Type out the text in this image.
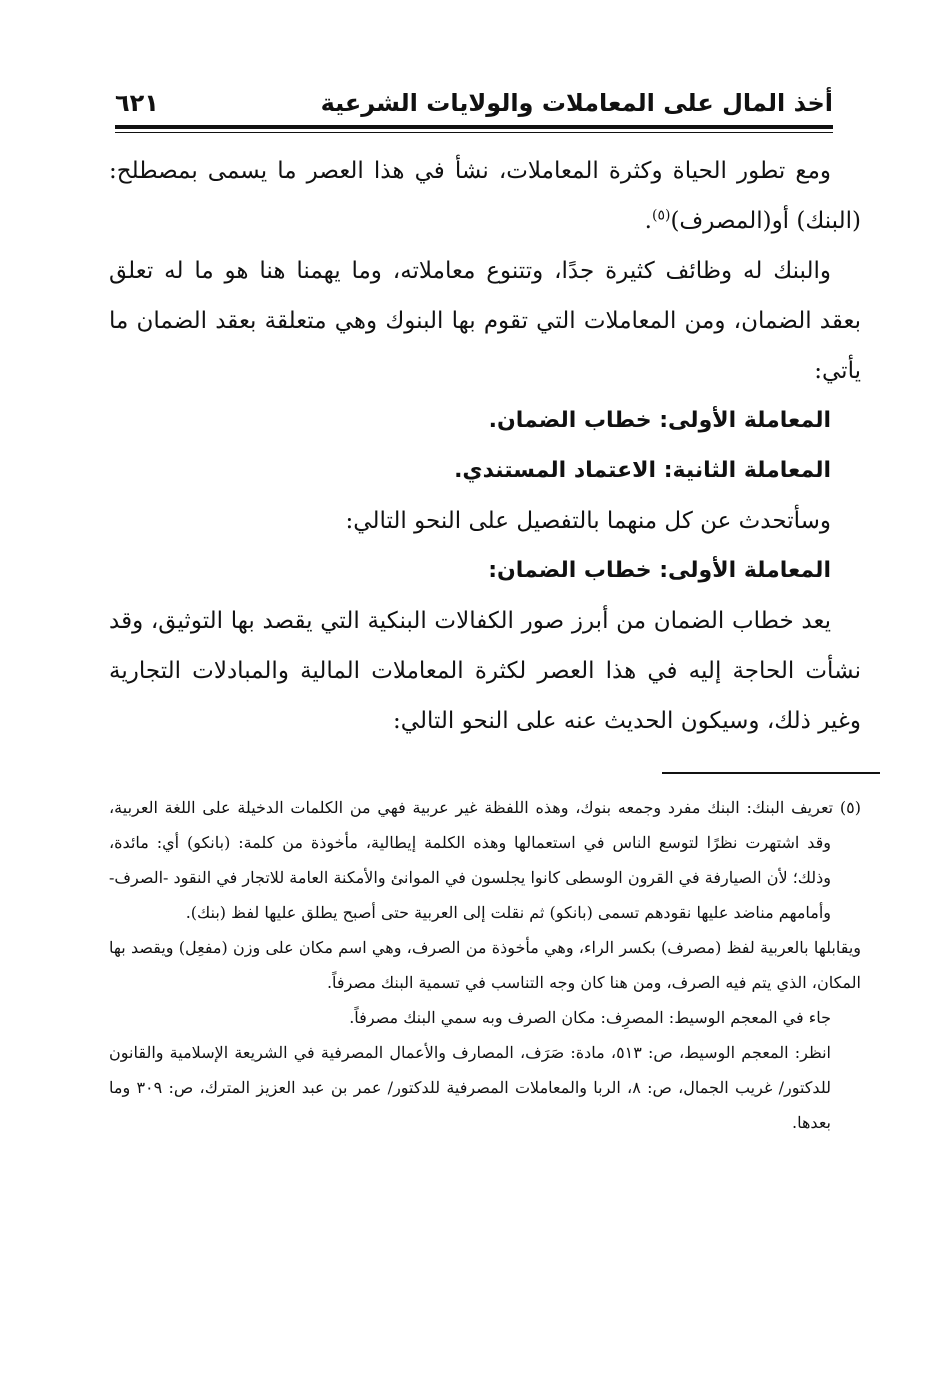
أخذ المال على المعاملات والولايات الشرعية
٦٢١

ومع تطور الحياة وكثرة المعاملات، نشأ في هذا العصر ما يسمى بمصطلح: (البنك) أو(المصرف)$^{(٥)}$.

والبنك له وظائف كثيرة جدًا، وتتنوع معاملاته، وما يهمنا هنا هو ما له تعلق بعقد الضمان، ومن المعاملات التي تقوم بها البنوك وهي متعلقة بعقد الضمان ما يأتي:

المعاملة الأولى: خطاب الضمان.

المعاملة الثانية: الاعتماد المستندي.

وسأتحدث عن كل منهما بالتفصيل على النحو التالي:

المعاملة الأولى: خطاب الضمان:

يعد خطاب الضمان من أبرز صور الكفالات البنكية التي يقصد بها التوثيق، وقد نشأت الحاجة إليه في هذا العصر لكثرة المعاملات المالية والمبادلات التجارية وغير ذلك، وسيكون الحديث عنه على النحو التالي:

(٥) تعريف البنك: البنك مفرد وجمعه بنوك، وهذه اللفظة غير عربية فهي من الكلمات الدخيلة على اللغة العربية، وقد اشتهرت نظرًا لتوسع الناس في استعمالها وهذه الكلمة إيطالية، مأخوذة من كلمة: (بانكو) أي: مائدة، وذلك؛ لأن الصيارفة في القرون الوسطى كانوا يجلسون في الموانئ والأمكنة العامة للاتجار في النقود -الصرف- وأمامهم مناضد عليها نقودهم تسمى (بانكو) ثم نقلت إلى العربية حتى أصبح يطلق عليها لفظ (بنك).

ويقابلها بالعربية لفظ (مصرف) بكسر الراء، وهي مأخوذة من الصرف، وهي اسم مكان على وزن (مفعِل) ويقصد بها المكان، الذي يتم فيه الصرف، ومن هنا كان وجه التناسب في تسمية البنك مصرفاً.

جاء في المعجم الوسيط: المصرِف: مكان الصرف وبه سمي البنك مصرفاً.

انظر: المعجم الوسيط، ص: ٥١٣، مادة: صَرَف، المصارف والأعمال المصرفية في الشريعة الإسلامية والقانون للدكتور/ غريب الجمال، ص: ٨، الربا والمعاملات المصرفية للدكتور/ عمر بن عبد العزيز المترك، ص: ٣٠٩ وما بعدها.
